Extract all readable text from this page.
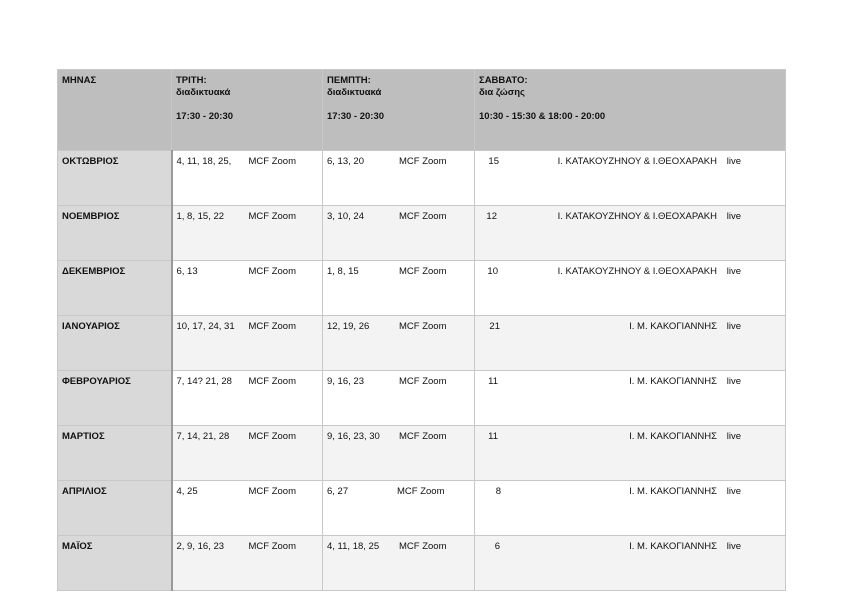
ΜΗΝΑΣ	ΤΡΙΤΗ:
διαδικτυακά
17:30 - 20:30	ΠΕΜΠΤΗ:
διαδικτυακά
17:30 - 20:30	ΣΑΒΒΑΤΟ:
δια ζώσης
10:30 - 15:30 & 18:00 - 20:00

ΟΚΤΩΒΡΙΟΣ	4, 11, 18, 25, MCF Zoom	6, 13, 20 MCF Zoom	15 Ι. ΚΑΤΑΚΟΥΖΗΝΟΥ & Ι.ΘΕΟΧΑΡΑΚΗ live

ΝΟΕΜΒΡΙΟΣ	1, 8, 15, 22 MCF Zoom	3, 10, 24 MCF Zoom	12 Ι. ΚΑΤΑΚΟΥΖΗΝΟΥ & Ι.ΘΕΟΧΑΡΑΚΗ live

ΔΕΚΕΜΒΡΙΟΣ	6, 13 MCF Zoom	1, 8, 15 MCF Zoom	10 Ι. ΚΑΤΑΚΟΥΖΗΝΟΥ & Ι.ΘΕΟΧΑΡΑΚΗ live

ΙΑΝΟΥΑΡΙΟΣ	10, 17, 24, 31 MCF Zoom	12, 19, 26 MCF Zoom	21 Ι. Μ. ΚΑΚΟΓΙΑΝΝΗΣ live

ΦΕΒΡΟΥΑΡΙΟΣ	7, 14? 21, 28 MCF Zoom	9, 16, 23 MCF Zoom	11 Ι. Μ. ΚΑΚΟΓΙΑΝΝΗΣ live

ΜΑΡΤΙΟΣ	7, 14, 21, 28 MCF Zoom	9, 16, 23, 30 MCF Zoom	11 Ι. Μ. ΚΑΚΟΓΙΑΝΝΗΣ live

ΑΠΡΙΛΙΟΣ	4, 25 MCF Zoom	6, 27 MCF Zoom	8 Ι. Μ. ΚΑΚΟΓΙΑΝΝΗΣ live

ΜΑΪΟΣ	2, 9, 16, 23 MCF Zoom	4, 11, 18, 25 MCF Zoom	6 Ι. Μ. ΚΑΚΟΓΙΑΝΝΗΣ live
